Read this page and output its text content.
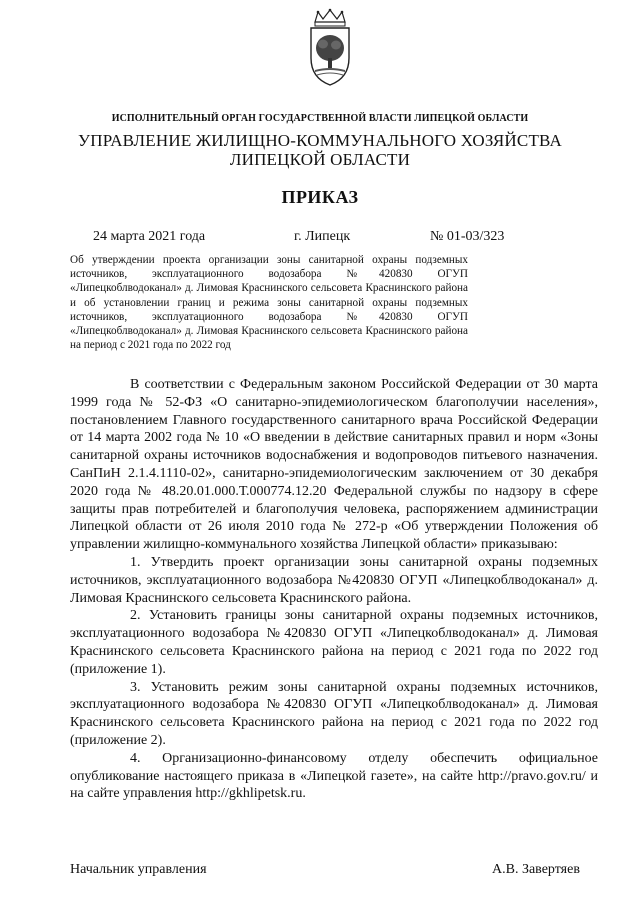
ИСПОЛНИТЕЛЬНЫЙ ОРГАН ГОСУДАРСТВЕННОЙ ВЛАСТИ ЛИПЕЦКОЙ ОБЛАСТИ
УПРАВЛЕНИЕ ЖИЛИЩНО-КОММУНАЛЬНОГО ХОЗЯЙСТВА
ЛИПЕЦКОЙ ОБЛАСТИ
ПРИКАЗ
24 марта 2021 года	г. Липецк	№ 01-03/323
Об утверждении проекта организации зоны санитарной охраны подземных источников, эксплуатационного водозабора №420830 ОГУП «Липецкоблводоканал» д. Лимовая Краснинского сельсовета Краснинского района и об установлении границ и режима зоны санитарной охраны подземных источников, эксплуатационного водозабора №420830 ОГУП «Липецкоблводоканал» д. Лимовая Краснинского сельсовета Краснинского района на период с 2021 года по 2022 год

В соответствии с Федеральным законом Российской Федерации от 30 марта 1999 года № 52-ФЗ «О санитарно-эпидемиологическом благополучии населения», постановлением Главного государственного санитарного врача Российской Федерации от 14 марта 2002 года № 10 «О введении в действие санитарных правил и норм «Зоны санитарной охраны источников водоснабжения и водопроводов питьевого назначения. СанПиН 2.1.4.1110-02», санитарно-эпидемиологическим заключением от 30 декабря 2020 года № 48.20.01.000.Т.000774.12.20 Федеральной службы по надзору в сфере защиты прав потребителей и благополучия человека, распоряжением администрации Липецкой области от 26 июля 2010 года № 272-р «Об утверждении Положения об управлении жилищно-коммунального хозяйства Липецкой области» приказываю:

1. Утвердить проект организации зоны санитарной охраны подземных источников, эксплуатационного водозабора №420830 ОГУП «Липецкоблводоканал» д. Лимовая Краснинского сельсовета Краснинского района.

2. Установить границы зоны санитарной охраны подземных источников, эксплуатационного водозабора №420830 ОГУП «Липецкоблводоканал» д. Лимовая Краснинского сельсовета Краснинского района на период с 2021 года по 2022 год (приложение 1).

3. Установить режим зоны санитарной охраны подземных источников, эксплуатационного водозабора №420830 ОГУП «Липецкоблводоканал» д. Лимовая Краснинского сельсовета Краснинского района на период с 2021 года по 2022 год (приложение 2).

4. Организационно-финансовому отделу обеспечить официальное опубликование настоящего приказа в «Липецкой газете», на сайте http://pravo.gov.ru/ и на сайте управления http://gkhlipetsk.ru.

Начальник управления	А.В. Завертяев
